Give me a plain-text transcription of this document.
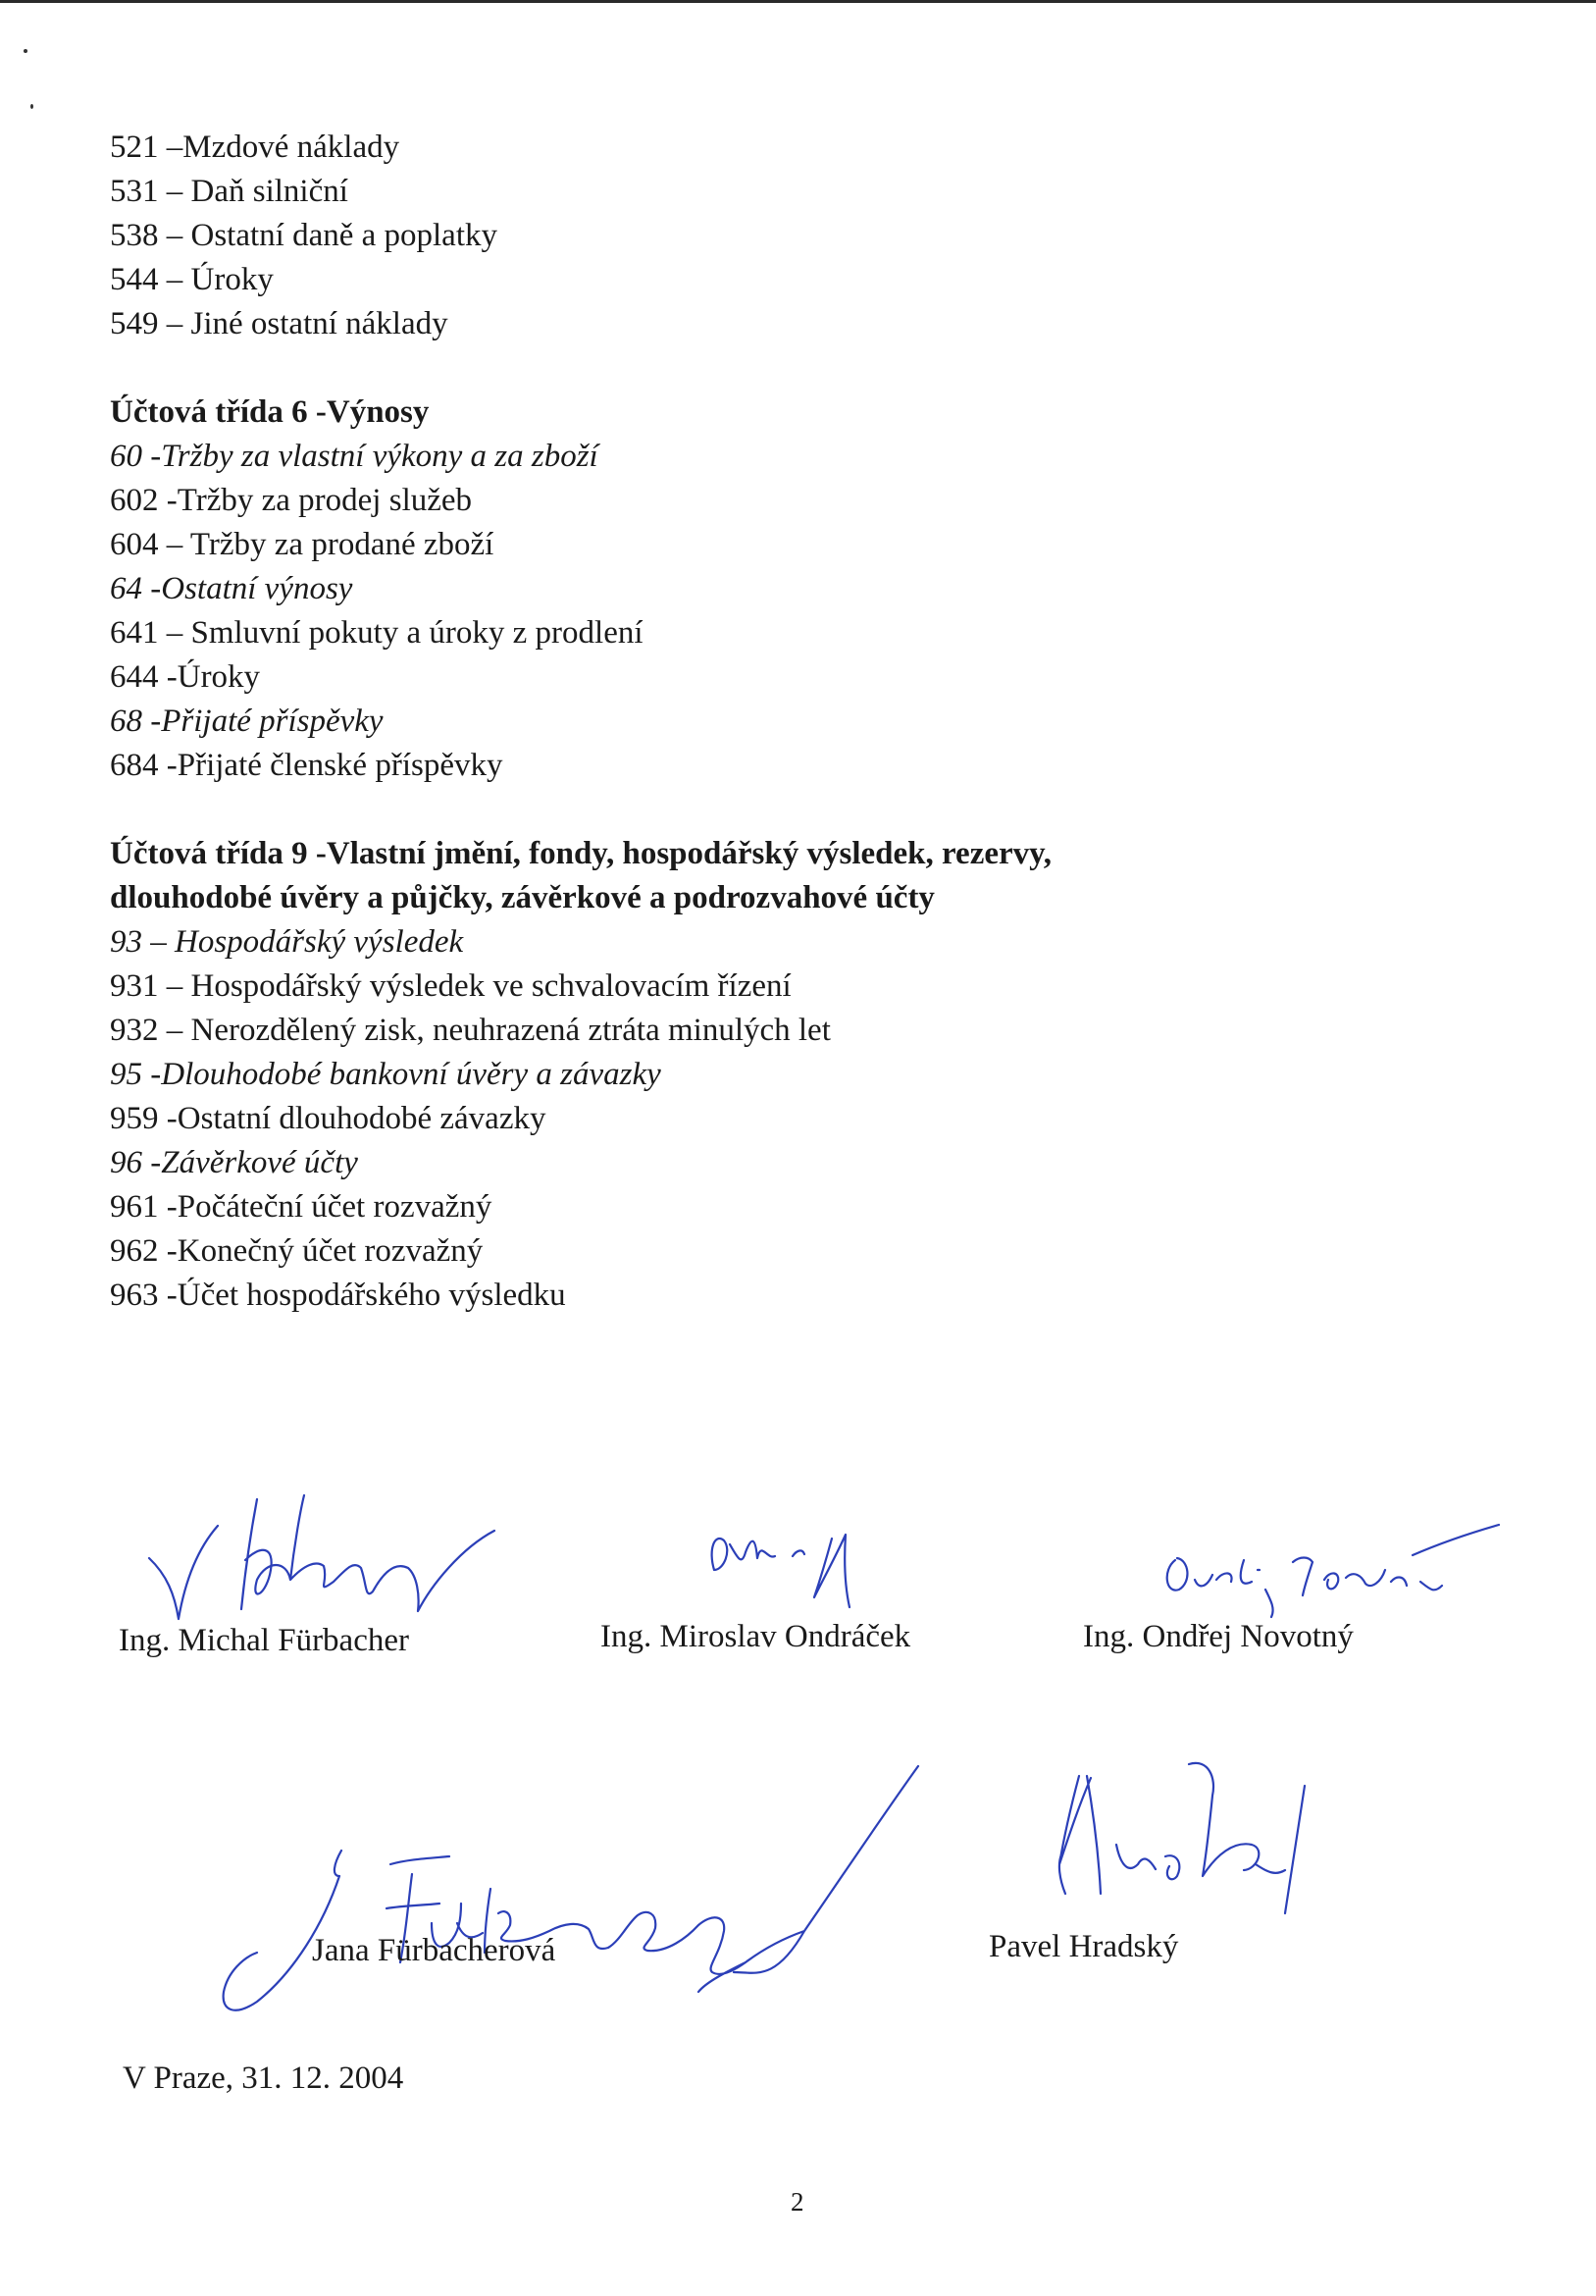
521 –Mzdové náklady
531 – Daň silniční
538 – Ostatní daně a poplatky
544 – Úroky
549 – Jiné ostatní náklady
Účtová třída 6 -Výnosy
60 -Tržby za vlastní výkony a za zboží
602 -Tržby za prodej služeb
604 – Tržby za prodané zboží
64 -Ostatní výnosy
641 – Smluvní pokuty a úroky z prodlení
644 -Úroky
68 -Přijaté příspěvky
684 -Přijaté členské příspěvky
Účtová třída 9 -Vlastní jmění, fondy, hospodářský výsledek, rezervy,
dlouhodobé úvěry a půjčky, závěrkové a podrozvahové účty
93 – Hospodářský výsledek
931 – Hospodářský výsledek ve schvalovacím řízení
932 – Nerozdělený zisk, neuhrazená ztráta minulých let
95 -Dlouhodobé bankovní úvěry a závazky
959 -Ostatní dlouhodobé závazky
96 -Závěrkové účty
961 -Počáteční účet rozvažný
962 -Konečný účet rozvažný
963 -Účet hospodářského výsledku
Ing. Michal Fürbacher	Ing. Miroslav Ondráček	Ing. Ondřej Novotný
Jana Fürbacherová	Pavel Hradský
V Praze, 31. 12. 2004
2
